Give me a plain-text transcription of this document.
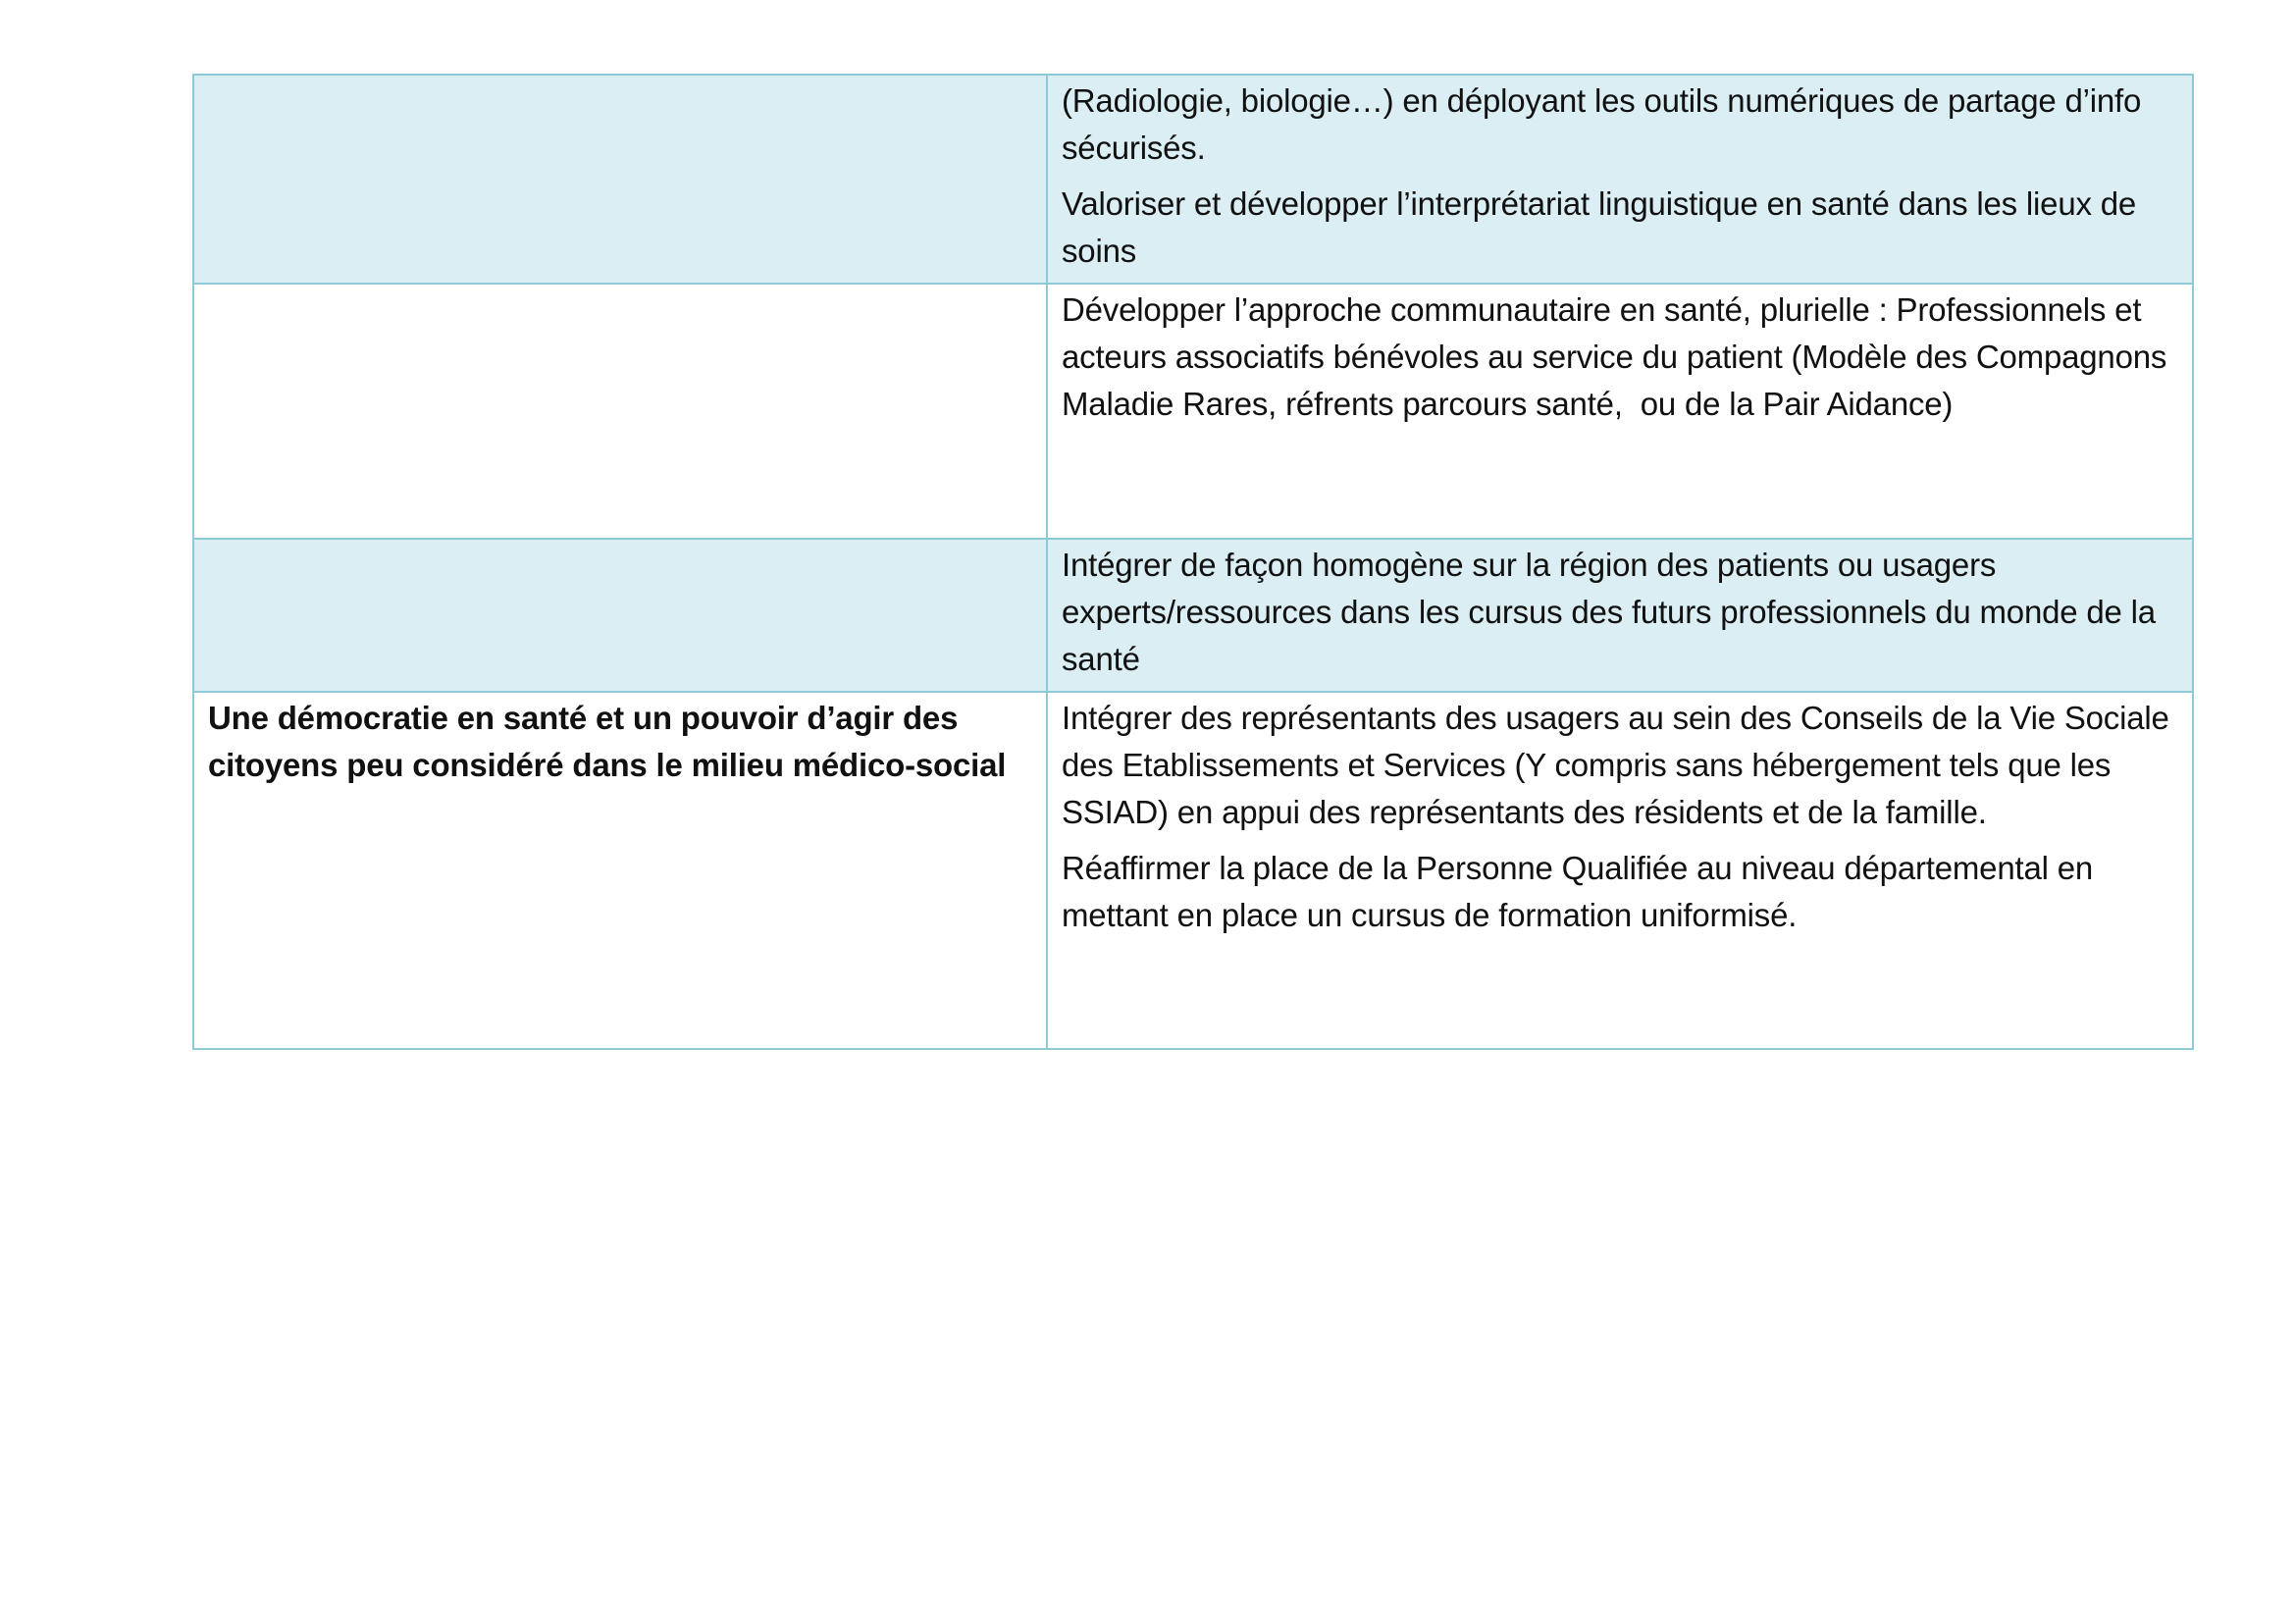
	(Radiologie, biologie…) en déployant les outils numériques de partage d’info sécurisés.

Valoriser et développer l’interprétariat linguistique en santé dans les lieux de soins

	Développer l’approche communautaire en santé, plurielle : Professionnels et acteurs associatifs bénévoles au service du patient (Modèle des Compagnons Maladie Rares, réfrents parcours santé,  ou de la Pair Aidance)

	Intégrer de façon homogène sur la région des patients ou usagers experts/ressources dans les cursus des futurs professionnels du monde de la santé

Une démocratie en santé et un pouvoir d’agir des citoyens peu considéré dans le milieu médico-social	Intégrer des représentants des usagers au sein des Conseils de la Vie Sociale des Etablissements et Services (Y compris sans hébergement tels que les SSIAD) en appui des représentants des résidents et de la famille.

Réaffirmer la place de la Personne Qualifiée au niveau départemental en mettant en place un cursus de formation uniformisé.
